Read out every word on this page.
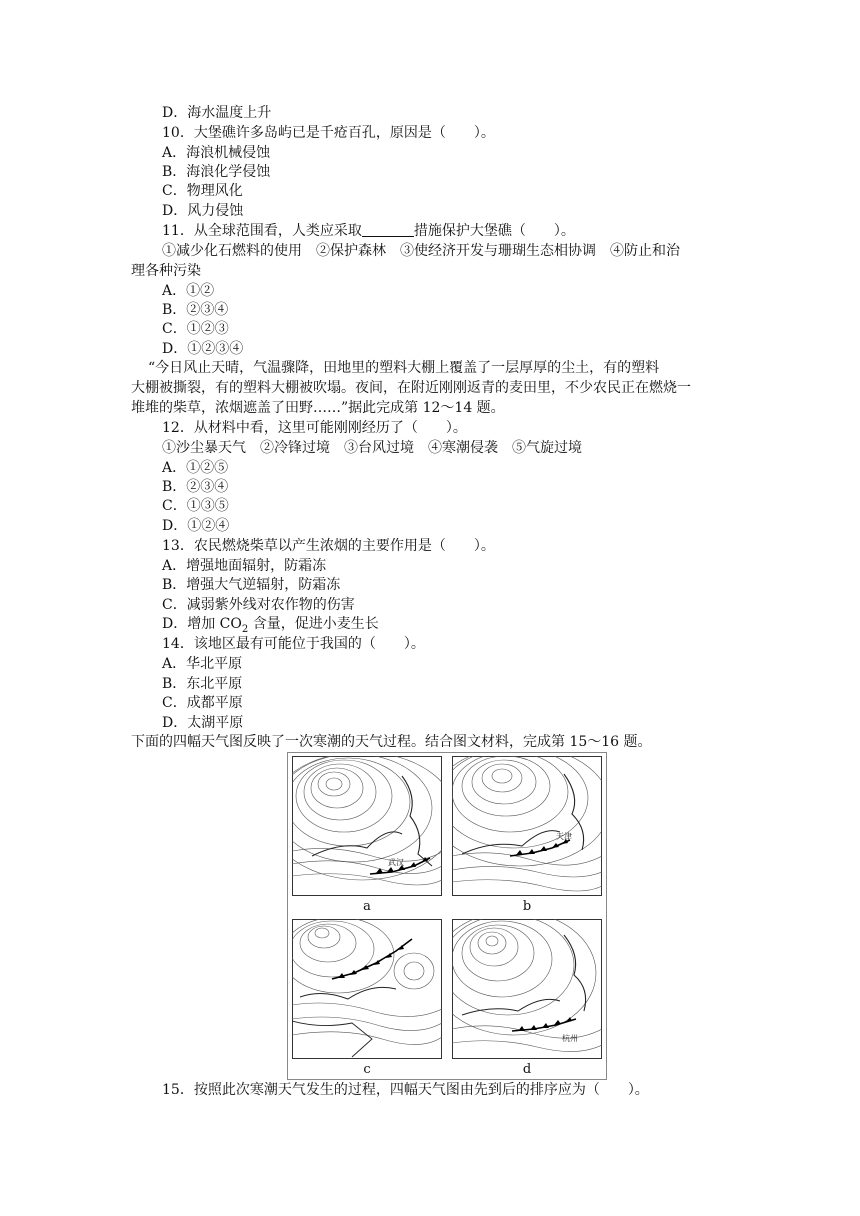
D．海水温度上升
10．大堡礁许多岛屿已是千疮百孔，原因是（　　）。
A．海浪机械侵蚀
B．海浪化学侵蚀
C．物理风化
D．风力侵蚀
11．从全球范围看，人类应采取	措施保护大堡礁（　　）。
①减少化石燃料的使用　②保护森林　③使经济开发与珊瑚生态相协调　④防止和治
理各种污染
A．①②
B．②③④
C．①②③
D．①②③④
“今日风止天晴，气温骤降，田地里的塑料大棚上覆盖了一层厚厚的尘土，有的塑料
大棚被撕裂，有的塑料大棚被吹塌。夜间，在附近刚刚返青的麦田里，不少农民正在燃烧一
堆堆的柴草，浓烟遮盖了田野……”据此完成第 12～14 题。
12．从材料中看，这里可能刚刚经历了（　　）。
①沙尘暴天气　②冷锋过境　③台风过境　④寒潮侵袭　⑤气旋过境
A．①②⑤
B．②③④
C．①③⑤
D．①②④
13．农民燃烧柴草以产生浓烟的主要作用是（　　）。
A．增强地面辐射，防霜冻
B．增强大气逆辐射，防霜冻
C．减弱紫外线对农作物的伤害
D．增加 $CO_2$ 含量，促进小麦生长
14．该地区最有可能位于我国的（　　）。
A．华北平原
B．东北平原
C．成都平原
D．太湖平原
下面的四幅天气图反映了一次寒潮的天气过程。结合图文材料，完成第 15～16 题。
武汉
a
天津
b
c
杭州
d
15．按照此次寒潮天气发生的过程，四幅天气图由先到后的排序应为（　　）。
